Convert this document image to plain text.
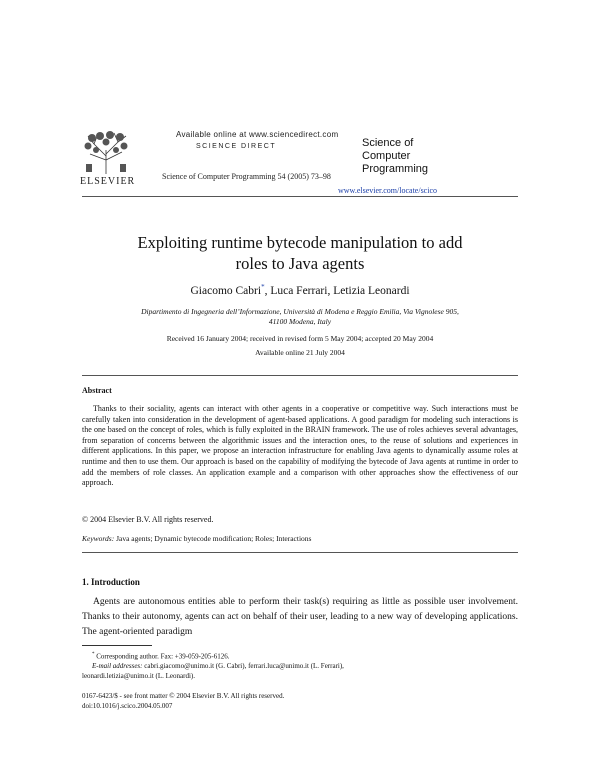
ELSEVIER
Available online at www.sciencedirect.com
SCIENCE DIRECT
Science of Computer Programming 54 (2005) 73–98
Science of
Computer
Programming
www.elsevier.com/locate/scico
Exploiting runtime bytecode manipulation to add
roles to Java agents
Giacomo Cabri*, Luca Ferrari, Letizia Leonardi
Dipartimento di Ingegneria dell’Informazione, Università di Modena e Reggio Emilia, Via Vignolese 905,
41100 Modena, Italy
Received 16 January 2004; received in revised form 5 May 2004; accepted 20 May 2004
Available online 21 July 2004
Abstract
Thanks to their sociality, agents can interact with other agents in a cooperative or competitive way. Such interactions must be carefully taken into consideration in the development of agent-based applications. A good paradigm for modeling such interactions is the one based on the concept of roles, which is fully exploited in the BRAIN framework. The use of roles achieves several advantages, from separation of concerns between the algorithmic issues and the interaction ones, to the reuse of solutions and experiences in different applications. In this paper, we propose an interaction infrastructure for enabling Java agents to dynamically assume roles at runtime and then to use them. Our approach is based on the capability of modifying the bytecode of Java agents at runtime in order to add the members of role classes. An application example and a comparison with other approaches show the effectiveness of our approach.
© 2004 Elsevier B.V. All rights reserved.
Keywords: Java agents; Dynamic bytecode modification; Roles; Interactions
1. Introduction
Agents are autonomous entities able to perform their task(s) requiring as little as possible user involvement. Thanks to their autonomy, agents can act on behalf of their user, leading to a new way of developing applications. The agent-oriented paradigm
* Corresponding author. Fax: +39-059-205-6126.
E-mail addresses: cabri.giacomo@unimo.it (G. Cabri), ferrari.luca@unimo.it (L. Ferrari),
leonardi.letizia@unimo.it (L. Leonardi).
0167-6423/$ - see front matter © 2004 Elsevier B.V. All rights reserved.
doi:10.1016/j.scico.2004.05.007
